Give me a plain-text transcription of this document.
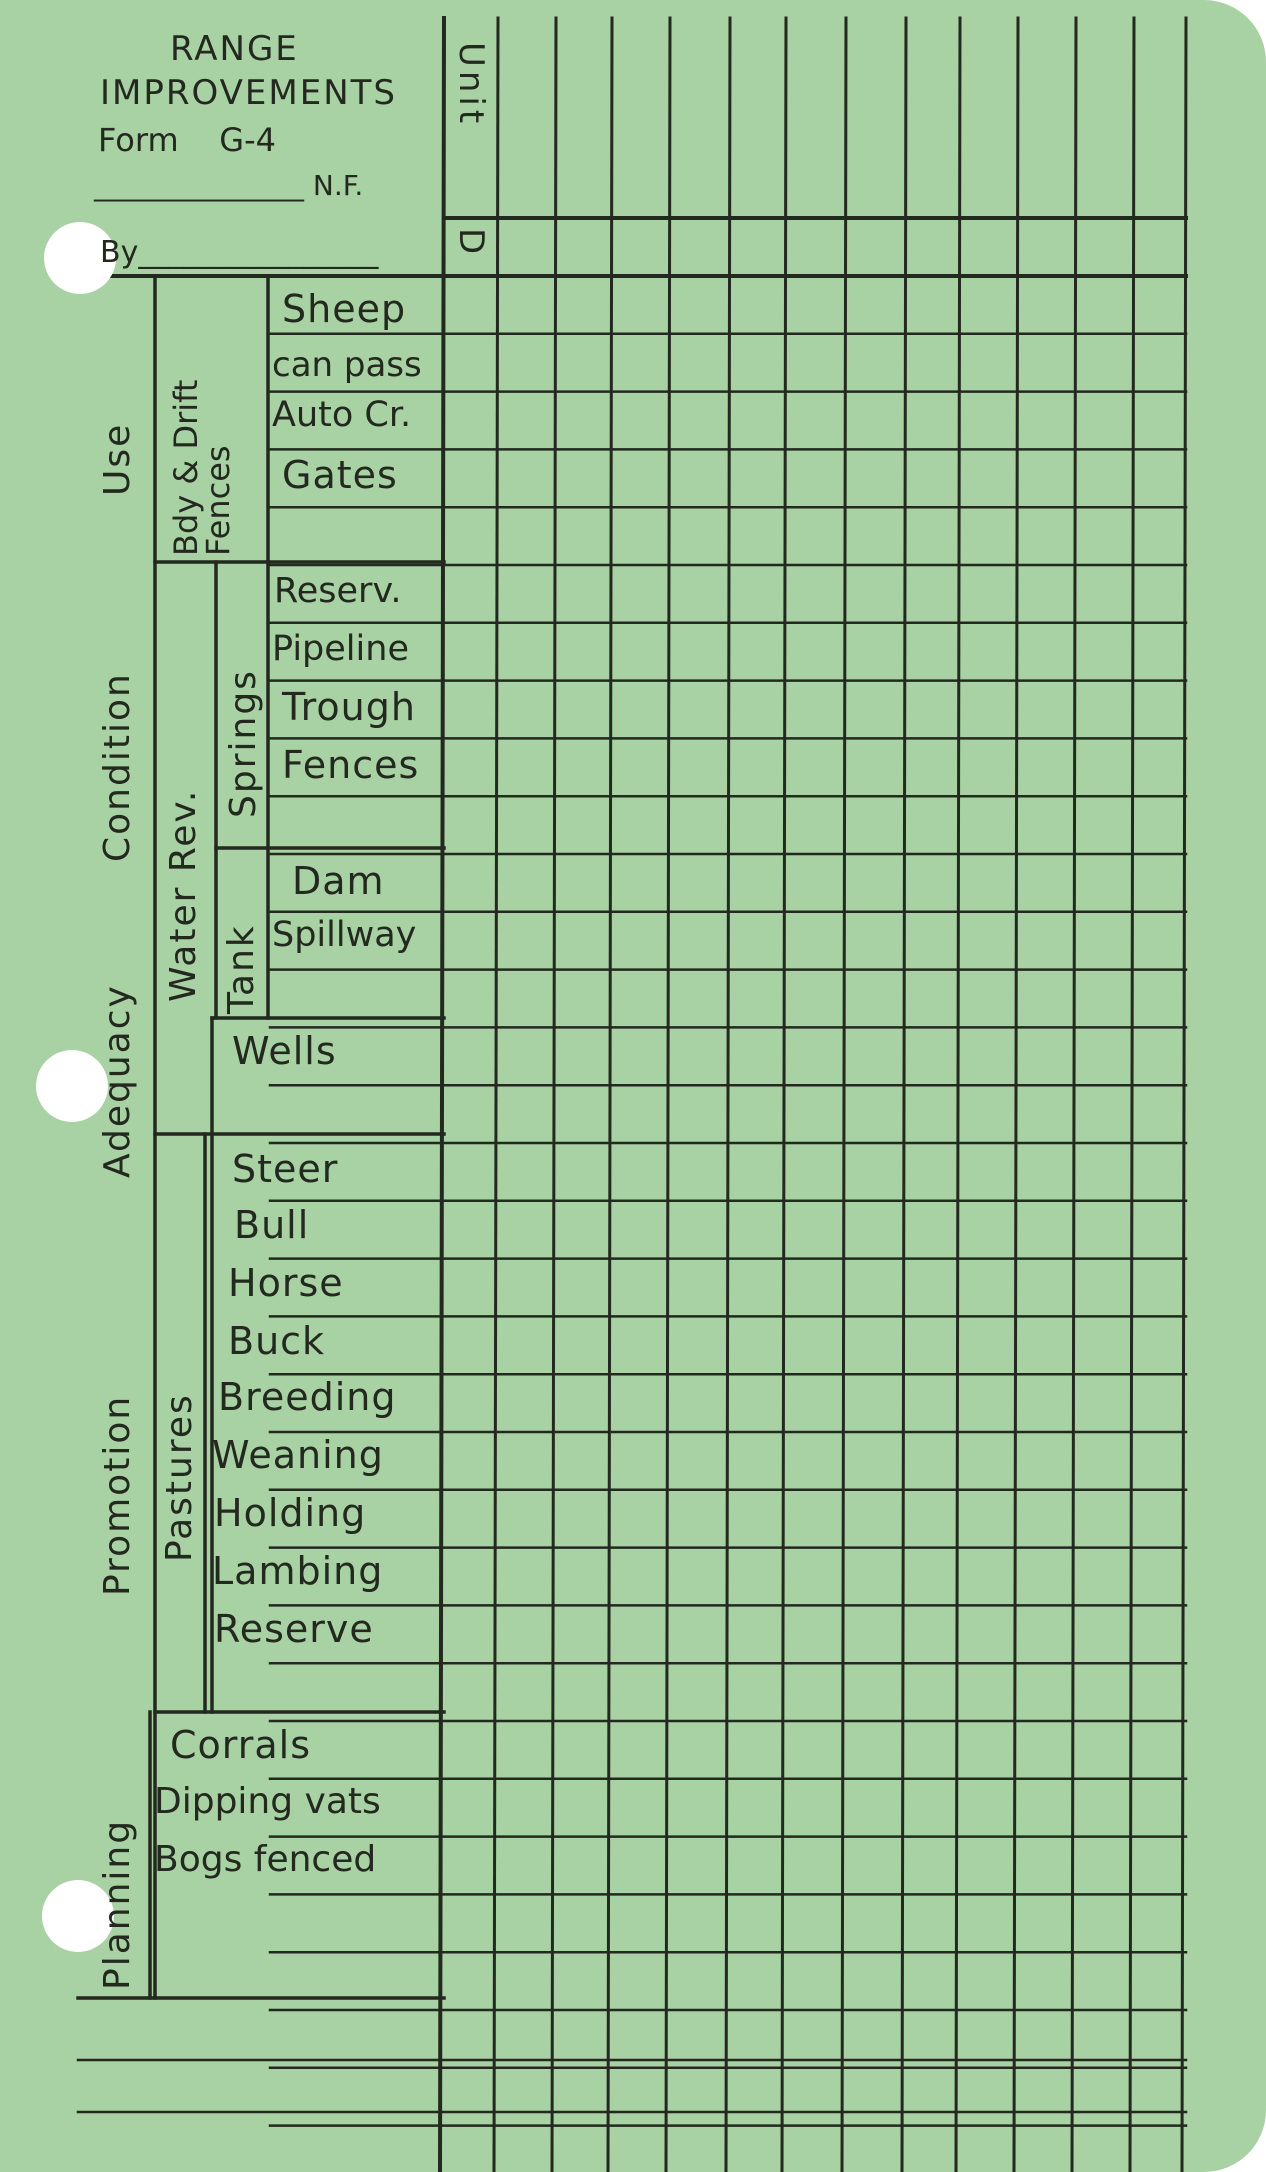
RANGE
IMPROVEMENTS
Form    G-4
_______________ N.F.
By________________
Unit
D
Use
Condition
Adequacy
Promotion
Planning
Bdy & Drift
Fences
Water Rev.
Springs
Tank
Pastures
Sheep
can pass
Auto Cr.
Gates
Reserv.
Pipeline
Trough
Fences
Dam
Spillway
Wells
Steer
Bull
Horse
Buck
Breeding
Weaning
Holding
Lambing
Reserve
Corrals
Dipping vats
Bogs fenced
